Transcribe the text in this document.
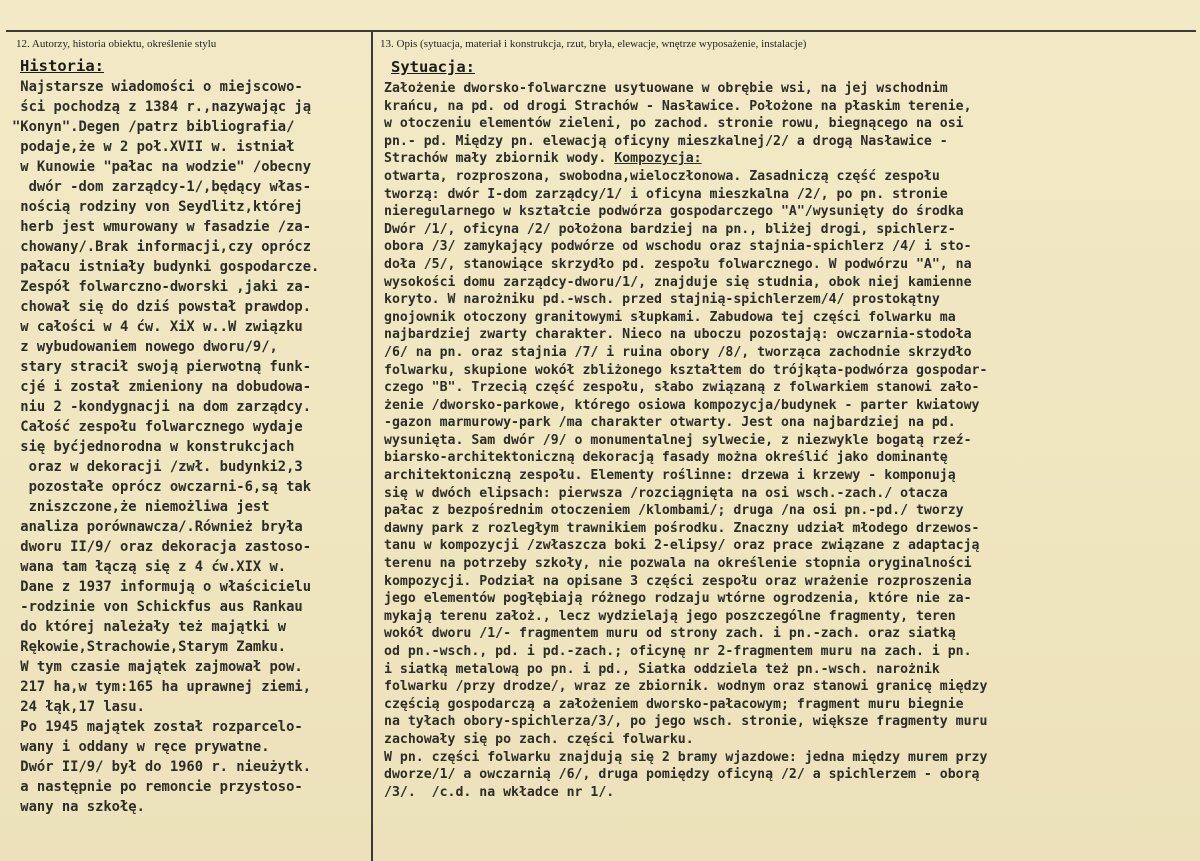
12. Autorzy, historia obiektu, określenie stylu	13. Opis (sytuacja, materiał i konstrukcja, rzut, bryła, elewacje, wnętrze wyposażenie, instalacje)
Historia:
Najstarsze wiadomości o miejscowo-
ści pochodzą z 1384 r.,nazywając ją
"Konyn".Degen /patrz bibliografia/
podaje,że w 2 poł.XVII w. istniał
w Kunowie "pałac na wodzie" /obecny
dwór -dom zarządcy-1/,będący włas-
nością rodziny von Seydlitz,której
herb jest wmurowany w fasadzie /za-
chowany/.Brak informacji,czy oprócz
pałacu istniały budynki gospodarcze.
Zespół folwarczno-dworski ,jaki za-
chował się do dziś powstał prawdop.
w całości w 4 ćw. XiX w..W związku
z wybudowaniem nowego dworu/9/,
stary stracił swoją pierwotną funk-
cjé i został zmieniony na dobudowa-
niu 2 -kondygnacji na dom zarządcy.
Całość zespołu folwarcznego wydaje
się byćjednorodna w konstrukcjach
oraz w dekoracji /zwł. budynki2,3
pozostałe oprócz owczarni-6,są tak
zniszczone,że niemożliwa jest
analiza porównawcza/.Również bryła
dworu II/9/ oraz dekoracja zastoso-
wana tam łączą się z 4 ćw.XIX w.
Dane z 1937 informują o właścicielu
-rodzinie von Schickfus aus Rankau
do której należały też majątki w
Rękowie,Strachowie,Starym Zamku.
W tym czasie majątek zajmował pow.
217 ha,w tym:165 ha uprawnej ziemi,
24 łąk,17 lasu.
Po 1945 majątek został rozparcelo-
wany i oddany w ręce prywatne.
Dwór II/9/ był do 1960 r. nieużytk.
a następnie po remoncie przystoso-
wany na szkołę.
Sytuacja:
Założenie dworsko-folwarczne usytuowane w obrębie wsi, na jej wschodnim
krańcu, na pd. od drogi Strachów - Nasławice. Położone na płaskim terenie,
w otoczeniu elementów zieleni, po zachod. stronie rowu, biegnącego na osi
pn.- pd. Między pn. elewacją oficyny mieszkalnej/2/ a drogą Nasławice -
Strachów mały zbiornik wody. Kompozycja:
otwarta, rozproszona, swobodna,wieloczłonowa. Zasadniczą część zespołu
tworzą: dwór I-dom zarządcy/1/ i oficyna mieszkalna /2/, po pn. stronie
nieregularnego w kształcie podwórza gospodarczego "A"/wysunięty do środka
Dwór /1/, oficyna /2/ położona bardziej na pn., bliżej drogi, spichlerz-
obora /3/ zamykający podwórze od wschodu oraz stajnia-spichlerz /4/ i sto-
doła /5/, stanowiące skrzydło pd. zespołu folwarcznego. W podwórzu "A", na
wysokości domu zarządcy-dworu/1/, znajduje się studnia, obok niej kamienne
koryto. W narożniku pd.-wsch. przed stajnią-spichlerzem/4/ prostokątny
gnojownik otoczony granitowymi słupkami. Zabudowa tej części folwarku ma
najbardziej zwarty charakter. Nieco na uboczu pozostają: owczarnia-stodoła
/6/ na pn. oraz stajnia /7/ i ruina obory /8/, tworząca zachodnie skrzydło
folwarku, skupione wokół zbliżonego kształtem do trójkąta-podwórza gospodar-
czego "B". Trzecią część zespołu, słabo związaną z folwarkiem stanowi zało-
żenie /dworsko-parkowe, którego osiowa kompozycja/budynek - parter kwiatowy
-gazon marmurowy-park /ma charakter otwarty. Jest ona najbardziej na pd.
wysunięta. Sam dwór /9/ o monumentalnej sylwecie, z niezwykle bogatą rzeź-
biarsko-architektoniczną dekoracją fasady można określić jako dominantę
architektoniczną zespołu. Elementy roślinne: drzewa i krzewy - komponują
się w dwóch elipsach: pierwsza /rozciągnięta na osi wsch.-zach./ otacza
pałac z bezpośrednim otoczeniem /klombami/; druga /na osi pn.-pd./ tworzy
dawny park z rozległym trawnikiem pośrodku. Znaczny udział młodego drzewos-
tanu w kompozycji /zwłaszcza boki 2-elipsy/ oraz prace związane z adaptacją
terenu na potrzeby szkoły, nie pozwala na określenie stopnia oryginalności
kompozycji. Podział na opisane 3 części zespołu oraz wrażenie rozproszenia
jego elementów pogłębiają różnego rodzaju wtórne ogrodzenia, które nie za-
mykają terenu założ., lecz wydzielają jego poszczególne fragmenty, teren
wokół dworu /1/- fragmentem muru od strony zach. i pn.-zach. oraz siatką
od pn.-wsch., pd. i pd.-zach.; oficynę nr 2-fragmentem muru na zach. i pn.
i siatką metalową po pn. i pd., Siatka oddziela też pn.-wsch. narożnik
folwarku /przy drodze/, wraz ze zbiornik. wodnym oraz stanowi granicę między
częścią gospodarczą a założeniem dworsko-pałacowym; fragment muru biegnie
na tyłach obory-spichlerza/3/, po jego wsch. stronie, większe fragmenty muru
zachowały się po zach. części folwarku.
W pn. części folwarku znajdują się 2 bramy wjazdowe: jedna między murem przy
dworze/1/ a owczarnią /6/, druga pomiędzy oficyną /2/ a spichlerzem - oborą
/3/.  /c.d. na wkładce nr 1/.
